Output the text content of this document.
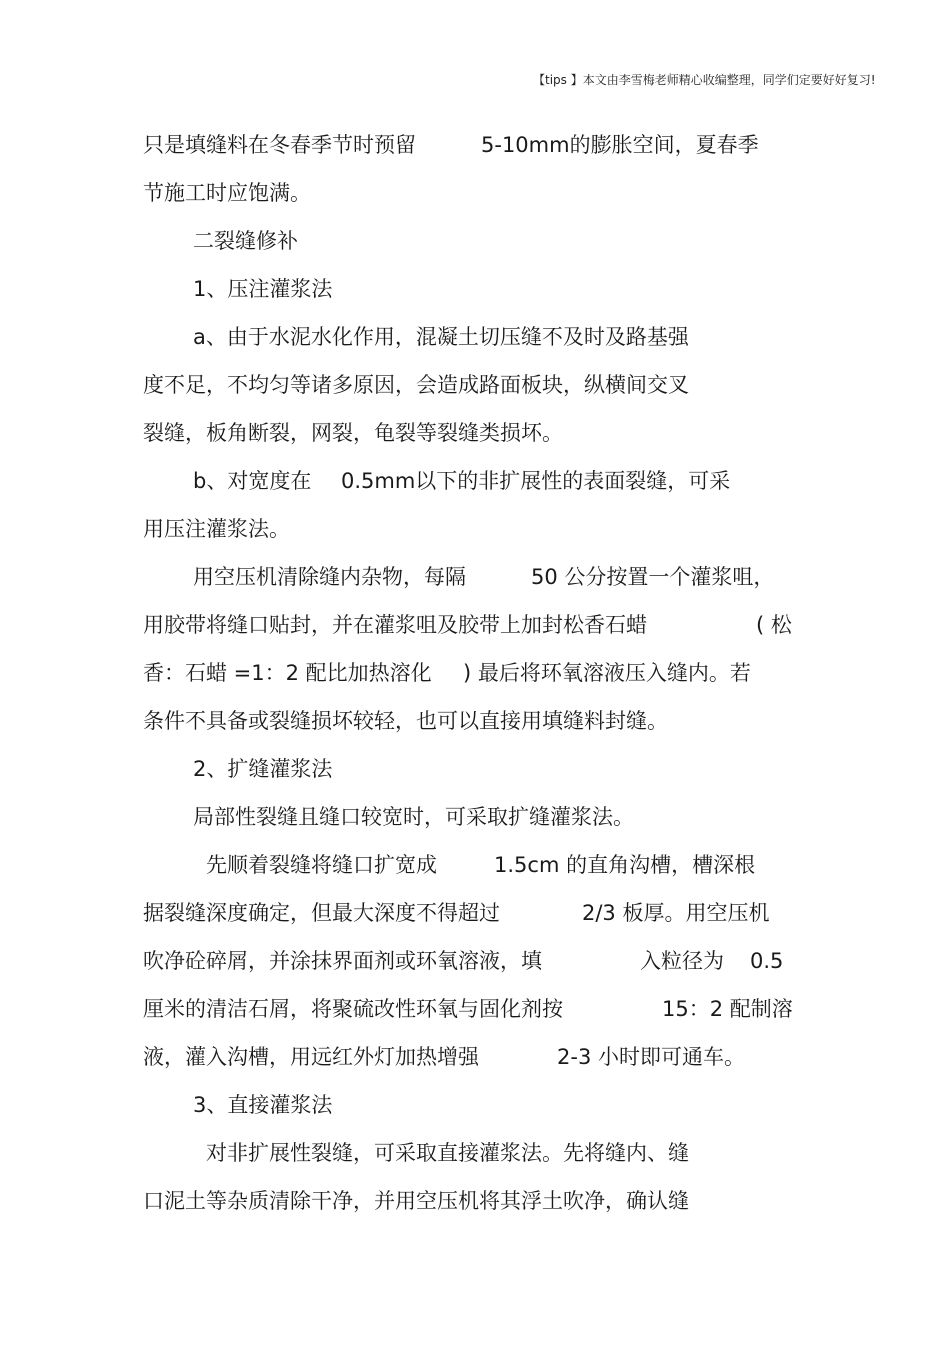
【tips 】本文由李雪梅老师精心收编整理，同学们定要好好复习!
只是填缝料在冬春季节时预留	5-10mm的膨胀空间，夏春季
节施工时应饱满。
二裂缝修补
1、压注灌浆法
a、由于水泥水化作用，混凝土切压缝不及时及路基强
度不足，不均匀等诸多原因，会造成路面板块，纵横间交叉
裂缝，板角断裂，网裂，龟裂等裂缝类损坏。
b、对宽度在 0.5mm以下的非扩展性的表面裂缝，可采
用压注灌浆法。
用空压机清除缝内杂物，每隔	50 公分按置一个灌浆咀，
用胶带将缝口贴封，并在灌浆咀及胶带上加封松香石蜡	( 松
香：石蜡 =1：2 配比加热溶化 ) 最后将环氧溶液压入缝内。若
条件不具备或裂缝损坏较轻，也可以直接用填缝料封缝。
2、扩缝灌浆法
局部性裂缝且缝口较宽时，可采取扩缝灌浆法。
先顺着裂缝将缝口扩宽成	1.5cm 的直角沟槽，槽深根
据裂缝深度确定，但最大深度不得超过	2/3 板厚。用空压机
吹净砼碎屑，并涂抹界面剂或环氧溶液，填	入粒径为 0.5
厘米的清洁石屑，将聚硫改性环氧与固化剂按	15：2 配制溶
液，灌入沟槽，用远红外灯加热增强	2-3 小时即可通车。
3、直接灌浆法
对非扩展性裂缝，可采取直接灌浆法。先将缝内、缝
口泥土等杂质清除干净，并用空压机将其浮土吹净，确认缝
